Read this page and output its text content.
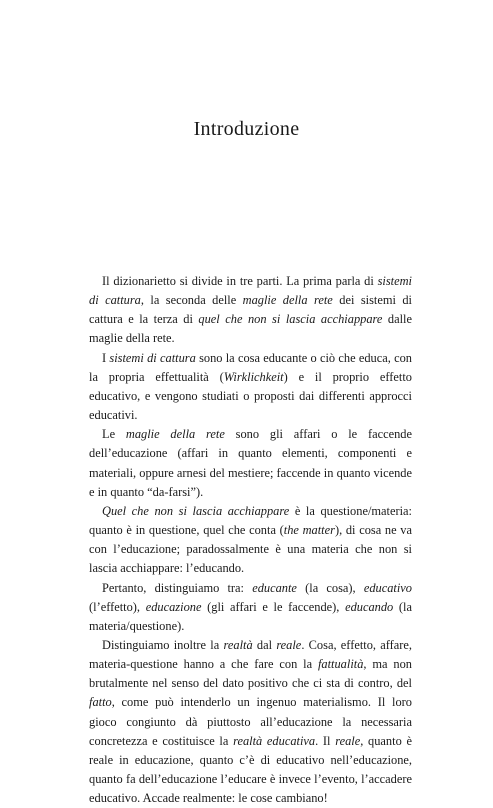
Introduzione

Il dizionarietto si divide in tre parti. La prima parla di sistemi di cattura, la seconda delle maglie della rete dei sistemi di cattura e la terza di quel che non si lascia acchiappare dalle maglie della rete.

I sistemi di cattura sono la cosa educante o ciò che educa, con la propria effettualità (Wirklichkeit) e il proprio effetto educativo, e vengono studiati o proposti dai differenti approcci educativi.

Le maglie della rete sono gli affari o le faccende dell’educazione (affari in quanto elementi, componenti e materiali, oppure arnesi del mestiere; faccende in quanto vicende e in quanto “da-farsi”).

Quel che non si lascia acchiappare è la questione/materia: quanto è in questione, quel che conta (the matter), di cosa ne va con l’educazione; paradossalmente è una materia che non si lascia acchiappare: l’educando.

Pertanto, distinguiamo tra: educante (la cosa), educativo (l’effetto), educazione (gli affari e le faccende), educando (la materia/questione).

Distinguiamo inoltre la realtà dal reale. Cosa, effetto, affare, materia-questione hanno a che fare con la fattualità, ma non brutalmente nel senso del dato positivo che ci sta di contro, del fatto, come può intenderlo un ingenuo materialismo. Il loro gioco congiunto dà piuttosto all’educazione la necessaria concretezza e costituisce la realtà educativa. Il reale, quanto è reale in educazione, quanto c’è di educativo nell’educazione, quanto fa dell’educazione l’educare è invece l’evento, l’accadere educativo. Accade realmente: le cose cambiano!
